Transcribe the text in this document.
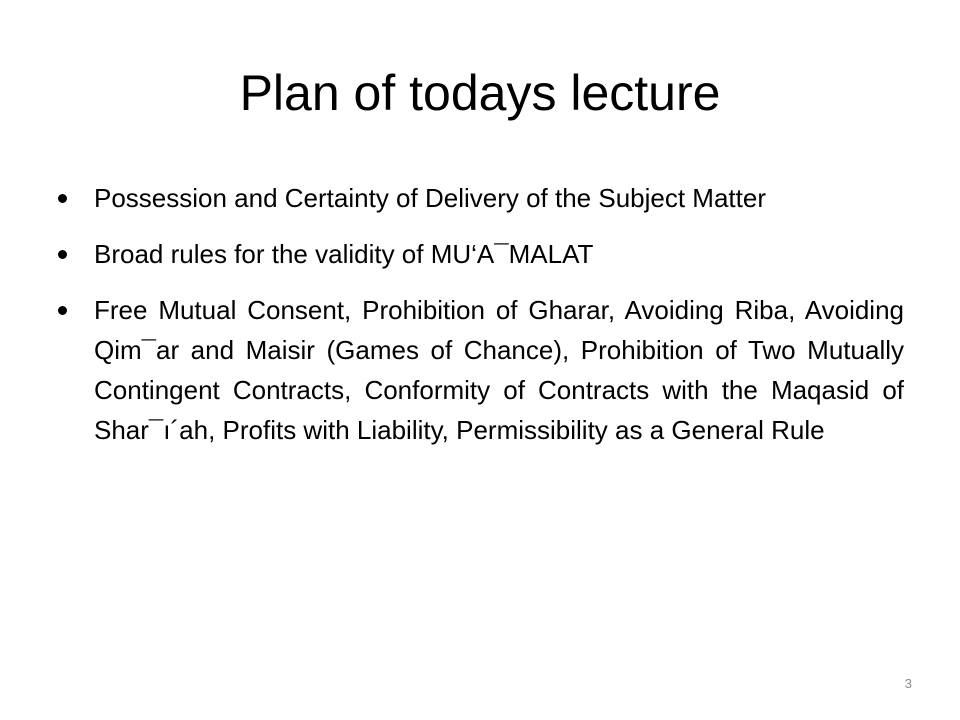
Plan of todays lecture
Possession and Certainty of Delivery of the Subject Matter
Broad rules for the validity of MU‘A¯MALAT
Free Mutual Consent, Prohibition of Gharar, Avoiding Riba, Avoiding Qim¯ar and Maisir (Games of Chance), Prohibition of Two Mutually Contingent Contracts, Conformity of Contracts with the Maqasid of Shar¯ı´ah, Profits with Liability, Permissibility as a General Rule
3
